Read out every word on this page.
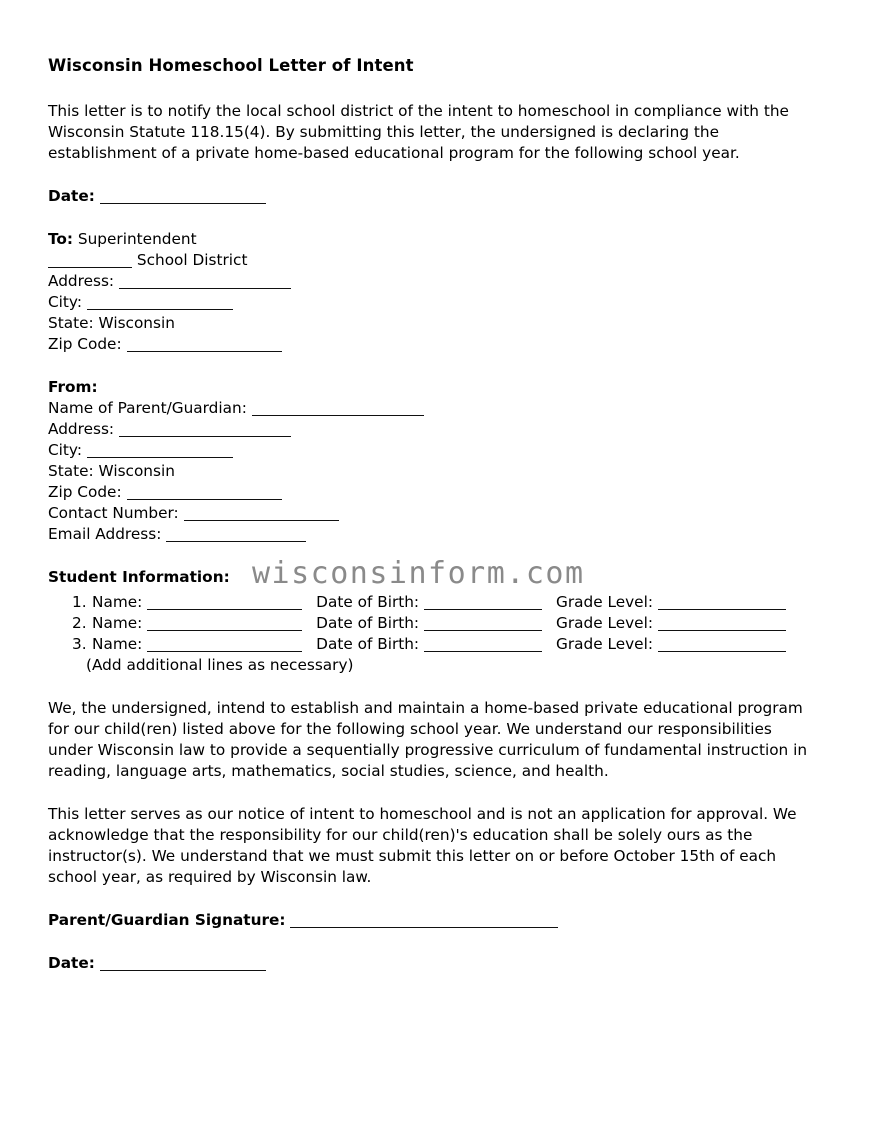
Wisconsin Homeschool Letter of Intent

This letter is to notify the local school district of the intent to homeschool in compliance with the Wisconsin Statute 118.15(4). By submitting this letter, the undersigned is declaring the establishment of a private home-based educational program for the following school year.

Date:
To: Superintendent
School District
Address:
City:
State: Wisconsin
Zip Code:
From:
Name of Parent/Guardian:
Address:
City:
State: Wisconsin
Zip Code:
Contact Number:
Email Address:
Student Information:
1. Name:	Date of Birth:	Grade Level:
2. Name:	Date of Birth:	Grade Level:
3. Name:	Date of Birth:	Grade Level:
(Add additional lines as necessary)

We, the undersigned, intend to establish and maintain a home-based private educational program for our child(ren) listed above for the following school year. We understand our responsibilities under Wisconsin law to provide a sequentially progressive curriculum of fundamental instruction in reading, language arts, mathematics, social studies, science, and health.

This letter serves as our notice of intent to homeschool and is not an application for approval. We acknowledge that the responsibility for our child(ren)'s education shall be solely ours as the instructor(s). We understand that we must submit this letter on or before October 15th of each school year, as required by Wisconsin law.

Parent/Guardian Signature:
Date:
wisconsinform.com
